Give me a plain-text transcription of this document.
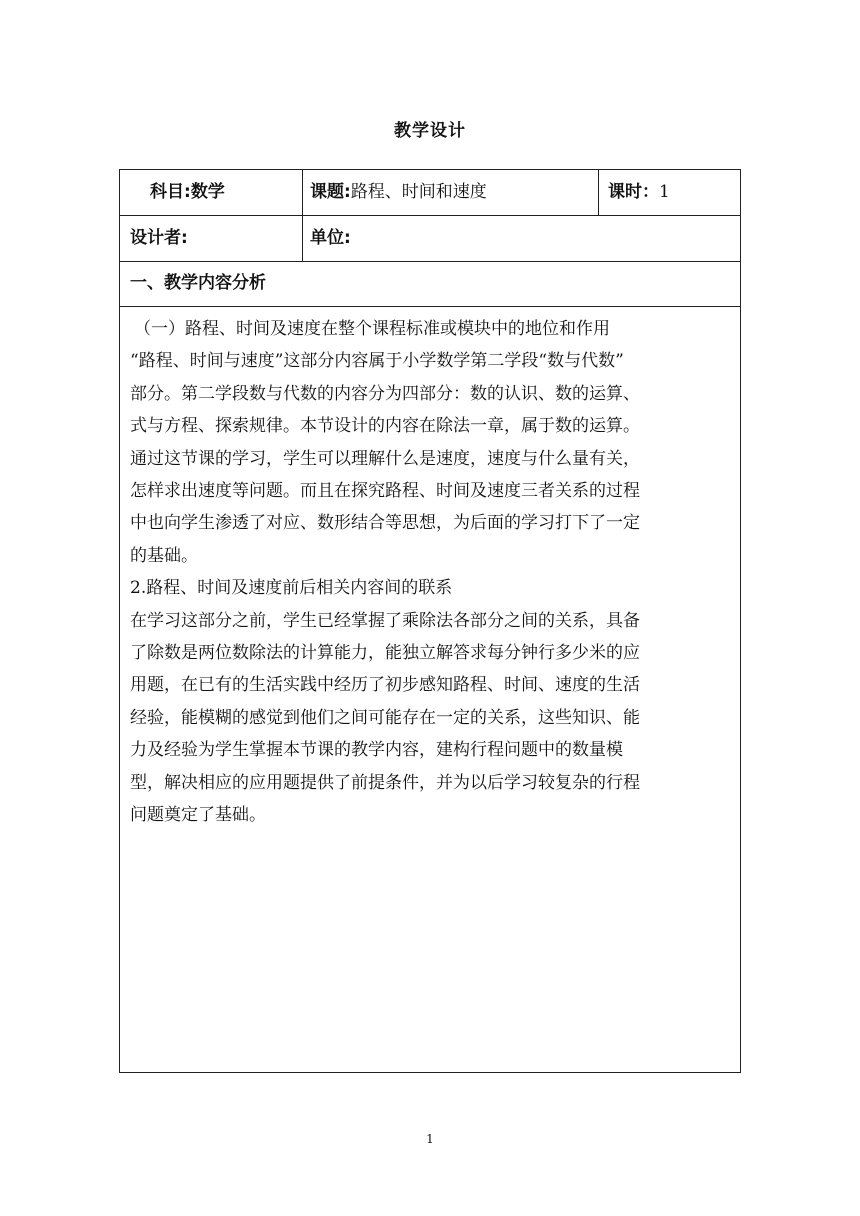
教学设计
科目:数学	课题:路程、时间和速度	课时：1
设计者:	单位:
一、教学内容分析

（一）路程、时间及速度在整个课程标准或模块中的地位和作用

“路程、时间与速度”这部分内容属于小学数学第二学段“数与代数”

部分。第二学段数与代数的内容分为四部分：数的认识、数的运算、

式与方程、探索规律。本节设计的内容在除法一章，属于数的运算。

通过这节课的学习，学生可以理解什么是速度，速度与什么量有关，

怎样求出速度等问题。而且在探究路程、时间及速度三者关系的过程

中也向学生渗透了对应、数形结合等思想，为后面的学习打下了一定

的基础。

2.路程、时间及速度前后相关内容间的联系

在学习这部分之前，学生已经掌握了乘除法各部分之间的关系，具备

了除数是两位数除法的计算能力，能独立解答求每分钟行多少米的应

用题，在已有的生活实践中经历了初步感知路程、时间、速度的生活

经验，能模糊的感觉到他们之间可能存在一定的关系，这些知识、能

力及经验为学生掌握本节课的教学内容，建构行程问题中的数量模

型，解决相应的应用题提供了前提条件，并为以后学习较复杂的行程

问题奠定了基础。

1
